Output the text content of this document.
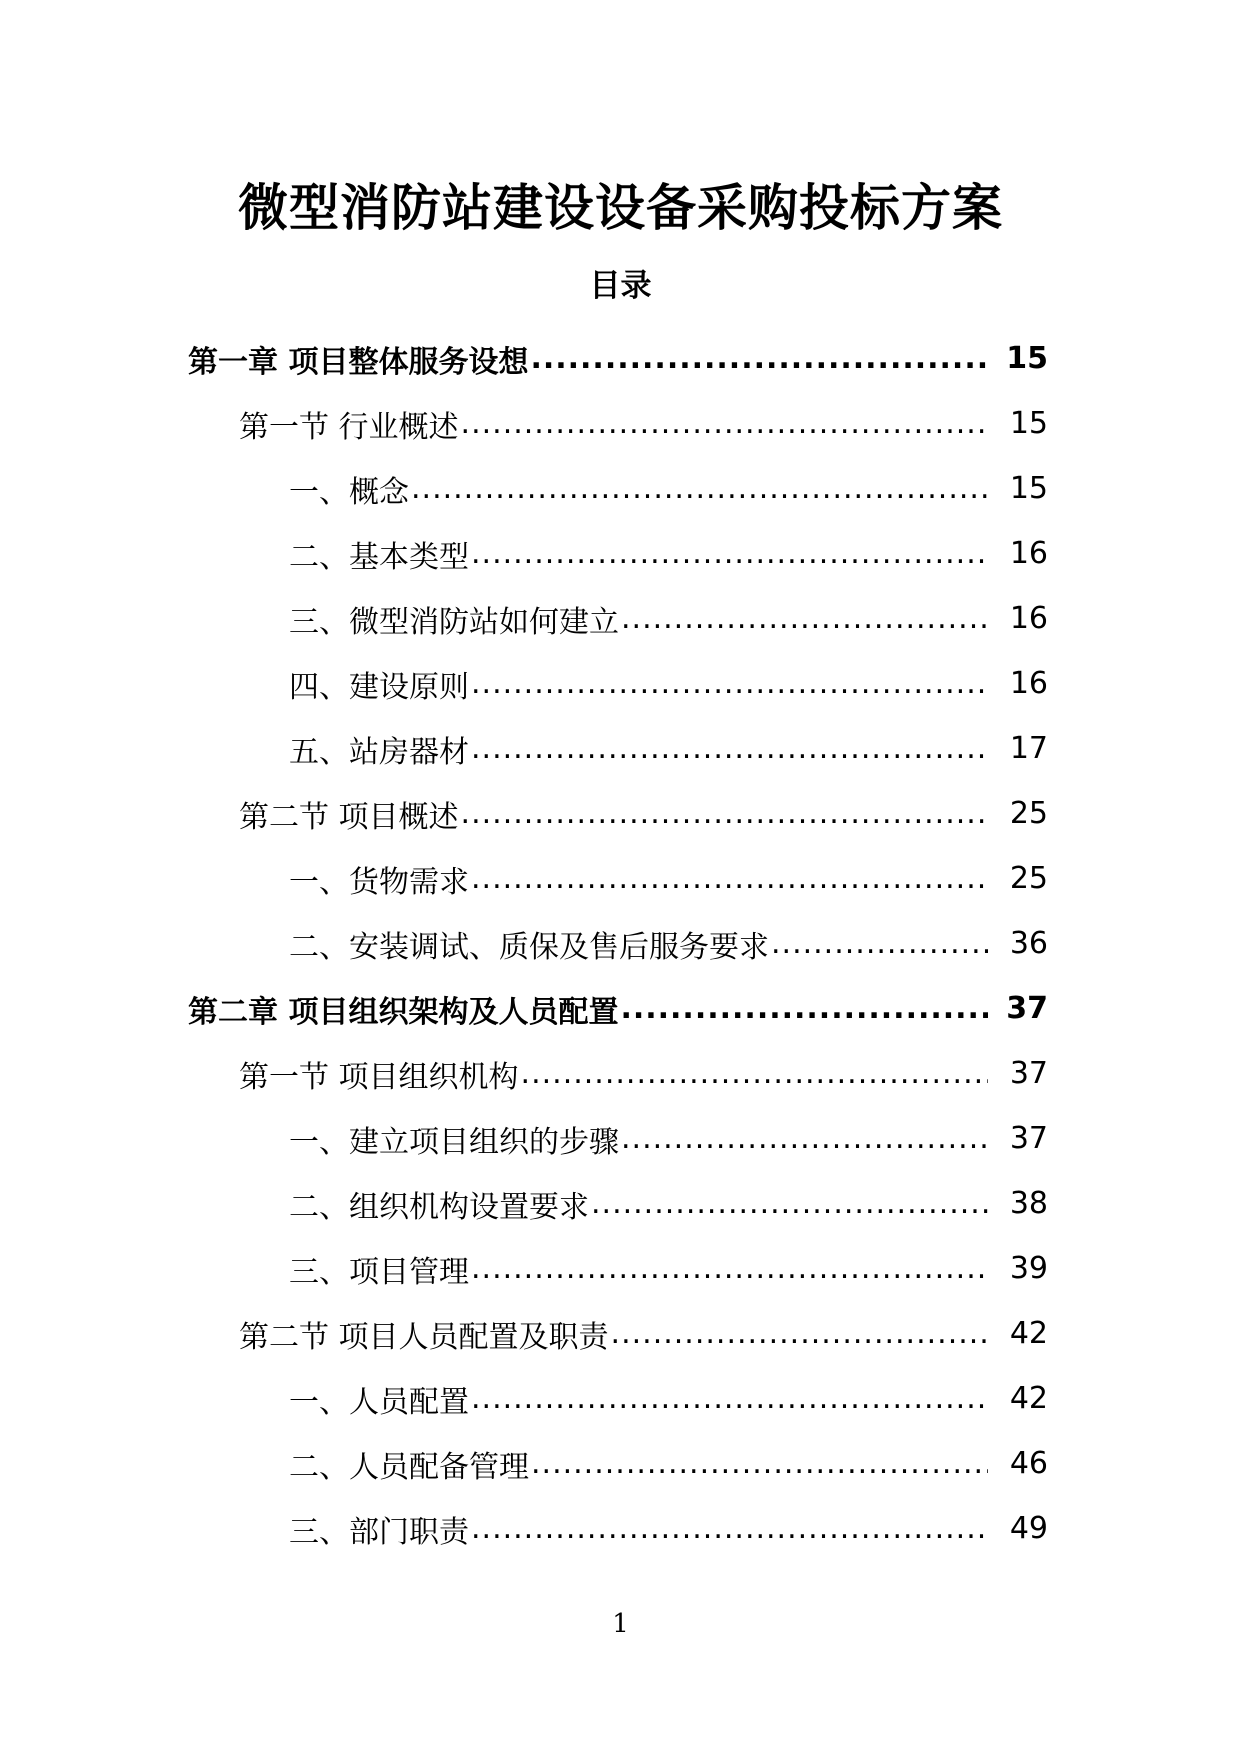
微型消防站建设设备采购投标方案
目录
第一章 项目整体服务设想 .....	15
第一节 行业概述 .....	15
一、概念 .....	15
二、基本类型 .....	16
三、微型消防站如何建立 .....	16
四、建设原则 .....	16
五、站房器材 .....	17
第二节 项目概述 .....	25
一、货物需求 .....	25
二、安装调试、质保及售后服务要求 .....	36
第二章 项目组织架构及人员配置 .....	37
第一节 项目组织机构 .....	37
一、建立项目组织的步骤 .....	37
二、组织机构设置要求 .....	38
三、项目管理 .....	39
第二节 项目人员配置及职责 .....	42
一、人员配置 .....	42
二、人员配备管理 .....	46
三、部门职责 .....	49
1
